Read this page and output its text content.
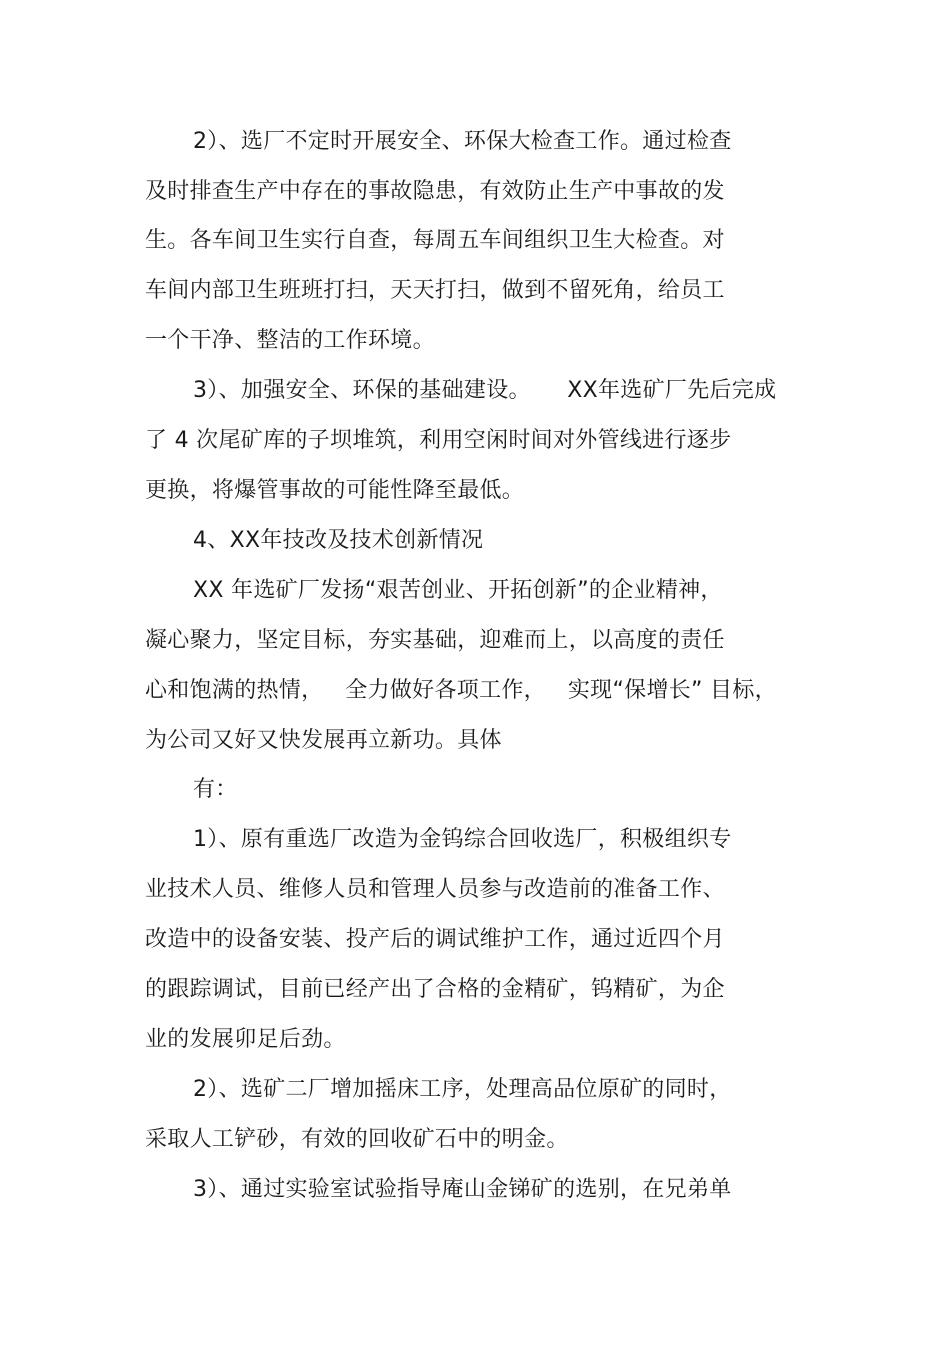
2）、选厂不定时开展安全、环保大检查工作。通过检查
及时排查生产中存在的事故隐患，有效防止生产中事故的发
生。各车间卫生实行自查，每周五车间组织卫生大检查。对
车间内部卫生班班打扫，天天打扫，做到不留死角，给员工
一个干净、整洁的工作环境。
3）、加强安全、环保的基础建设。     XX年选矿厂先后完成
了 4 次尾矿库的子坝堆筑，利用空闲时间对外管线进行逐步
更换，将爆管事故的可能性降至最低。
4、XX年技改及技术创新情况
XX 年选矿厂发扬“艰苦创业、开拓创新”的企业精神，
凝心聚力，坚定目标，夯实基础，迎难而上，以高度的责任
心和饱满的热情，   全力做好各项工作，   实现“保增长” 目标，
为公司又好又快发展再立新功。具体
有：
1）、原有重选厂改造为金钨综合回收选厂，积极组织专
业技术人员、维修人员和管理人员参与改造前的准备工作、
改造中的设备安装、投产后的调试维护工作，通过近四个月
的跟踪调试，目前已经产出了合格的金精矿，钨精矿，为企
业的发展卯足后劲。
2）、选矿二厂增加摇床工序，处理高品位原矿的同时，
采取人工铲砂，有效的回收矿石中的明金。
3）、通过实验室试验指导庵山金锑矿的选别，在兄弟单
